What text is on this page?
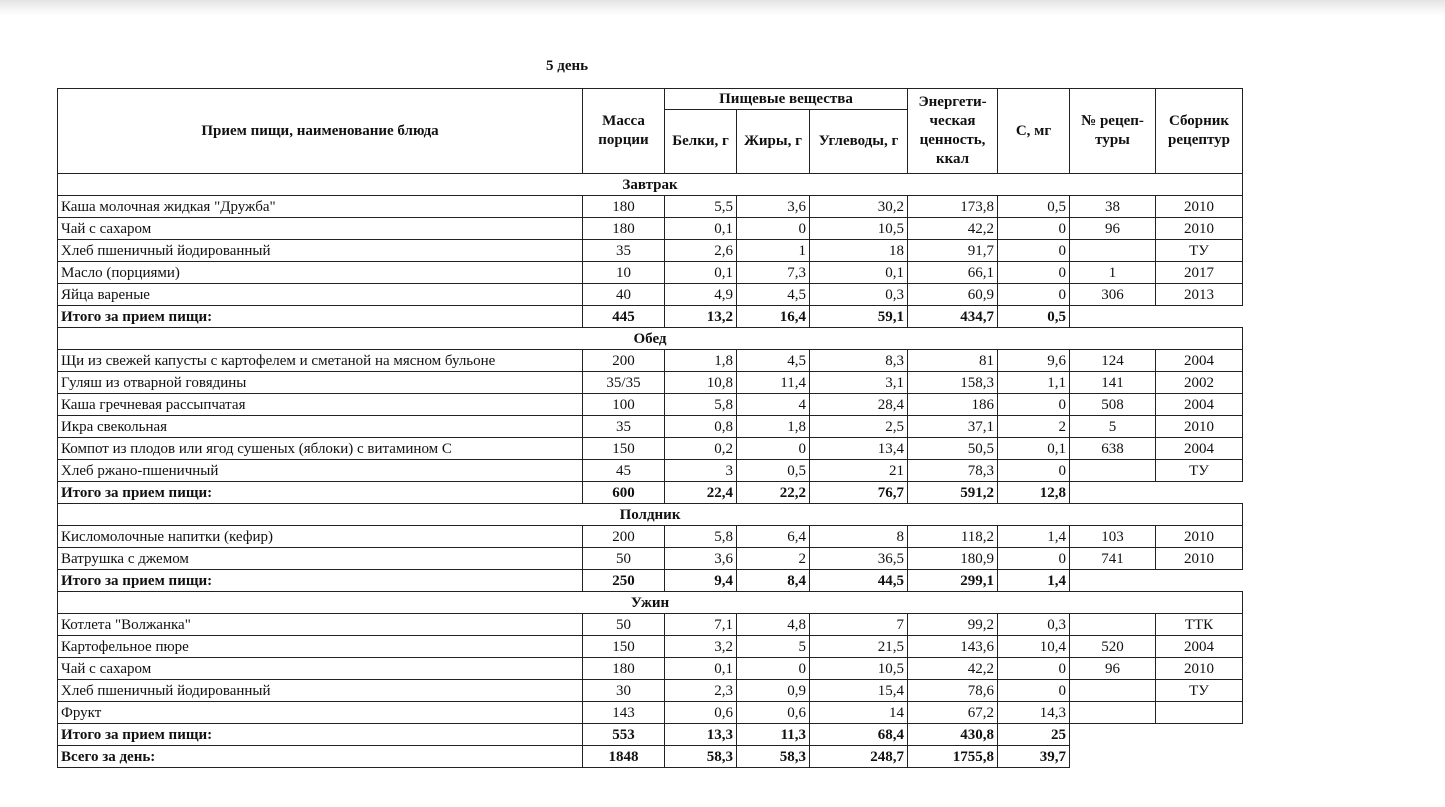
5 день
Прием пищи, наименование блюда	Масса порции	Пищевые вещества			Энергети-ческая ценность, ккал	С, мг	№ рецеп-туры	Сборник рецептур
		Белки, г	Жиры, г	Углеводы, г				
Завтрак								
Каша молочная жидкая "Дружба"	180	5,5	3,6	30,2	173,8	0,5	38	2010
Чай с сахаром	180	0,1	0	10,5	42,2	0	96	2010
Хлеб пшеничный йодированный	35	2,6	1	18	91,7	0		ТУ
Масло (порциями)	10	0,1	7,3	0,1	66,1	0	1	2017
Яйца вареные	40	4,9	4,5	0,3	60,9	0	306	2013
Итого за прием пищи:	445	13,2	16,4	59,1	434,7	0,5		
Обед								
Щи из свежей капусты с картофелем и сметаной на мясном бульоне	200	1,8	4,5	8,3	81	9,6	124	2004
Гуляш из отварной говядины	35/35	10,8	11,4	3,1	158,3	1,1	141	2002
Каша гречневая рассыпчатая	100	5,8	4	28,4	186	0	508	2004
Икра свекольная	35	0,8	1,8	2,5	37,1	2	5	2010
Компот из плодов или ягод сушеных (яблоки) с витамином С	150	0,2	0	13,4	50,5	0,1	638	2004
Хлеб ржано-пшеничный	45	3	0,5	21	78,3	0		ТУ
Итого за прием пищи:	600	22,4	22,2	76,7	591,2	12,8		
Полдник								
Кисломолочные напитки (кефир)	200	5,8	6,4	8	118,2	1,4	103	2010
Ватрушка с джемом	50	3,6	2	36,5	180,9	0	741	2010
Итого за прием пищи:	250	9,4	8,4	44,5	299,1	1,4		
Ужин								
Котлета "Волжанка"	50	7,1	4,8	7	99,2	0,3		ТТК
Картофельное пюре	150	3,2	5	21,5	143,6	10,4	520	2004
Чай с сахаром	180	0,1	0	10,5	42,2	0	96	2010
Хлеб пшеничный йодированный	30	2,3	0,9	15,4	78,6	0		ТУ
Фрукт	143	0,6	0,6	14	67,2	14,3		
Итого за прием пищи:	553	13,3	11,3	68,4	430,8	25		
Всего за день:	1848	58,3	58,3	248,7	1755,8	39,7		
